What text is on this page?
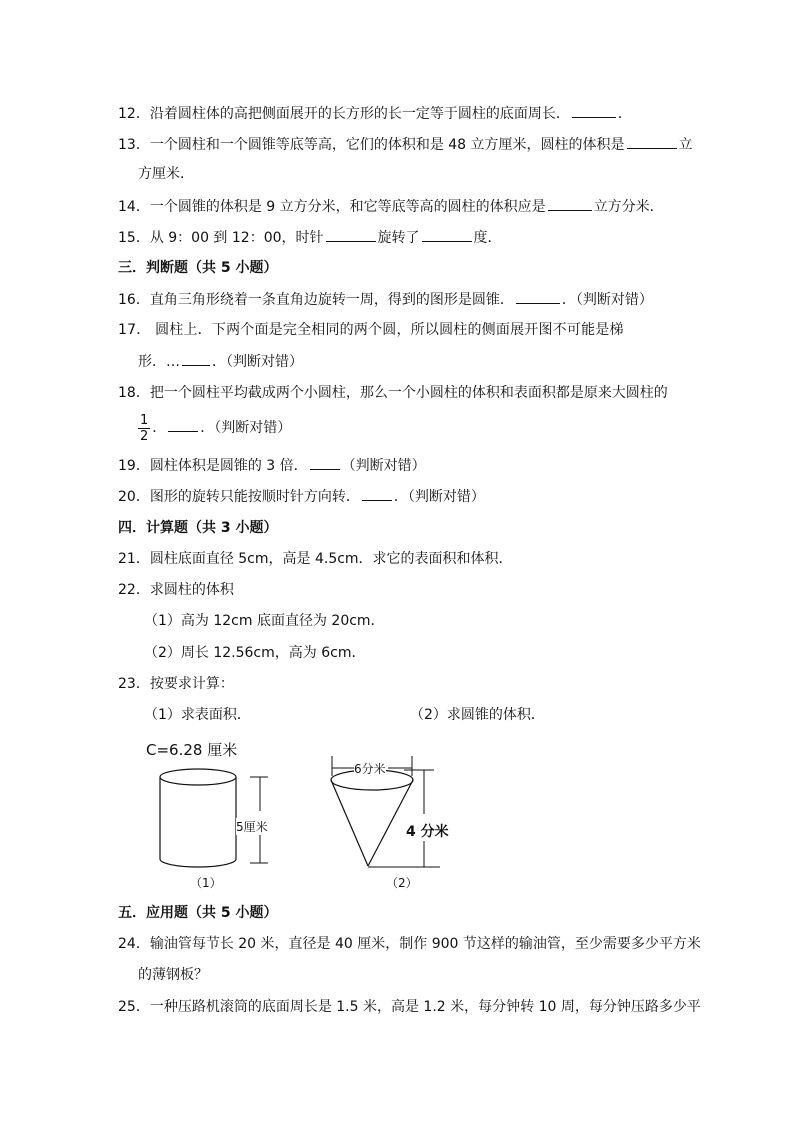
12．沿着圆柱体的高把侧面展开的长方形的长一定等于圆柱的底面周长．	．
13．一个圆柱和一个圆锥等底等高，它们的体积和是 48 立方厘米，圆柱的体积是	立
方厘米．
14．一个圆锥的体积是 9 立方分米，和它等底等高的圆柱的体积应是	立方分米．
15．从 9：00 到 12：00，时针	旋转了	度．
三．判断题（共 5 小题）
16．直角三角形绕着一条直角边旋转一周，得到的图形是圆锥．	．（判断对错）
17． 圆柱上．下两个面是完全相同的两个圆，所以圆柱的侧面展开图不可能是梯
形．… ．（判断对错）
18．把一个圆柱平均截成两个小圆柱，那么一个小圆柱的体积和表面积都是原来大圆柱的
$\frac{1}{2}$ ． ．（判断对错）
19．圆柱体积是圆锥的 3 倍． （判断对错）
20．图形的旋转只能按顺时针方向转． ．（判断对错）
四．计算题（共 3 小题）
21．圆柱底面直径 5cm，高是 4.5cm．求它的表面积和体积．
22．求圆柱的体积
（1）高为 12cm 底面直径为 20cm．
（2）周长 12.56cm，高为 6cm．
23．按要求计算：
（1）求表面积．	（2）求圆锥的体积．
C=6.28 厘米
5厘米
（1）
6分米
4 分米
（2）
五．应用题（共 5 小题）
24．输油管每节长 20 米，直径是 40 厘米，制作 900 节这样的输油管，至少需要多少平方米
的薄钢板？
25．一种压路机滚筒的底面周长是 1.5 米，高是 1.2 米，每分钟转 10 周，每分钟压路多少平
